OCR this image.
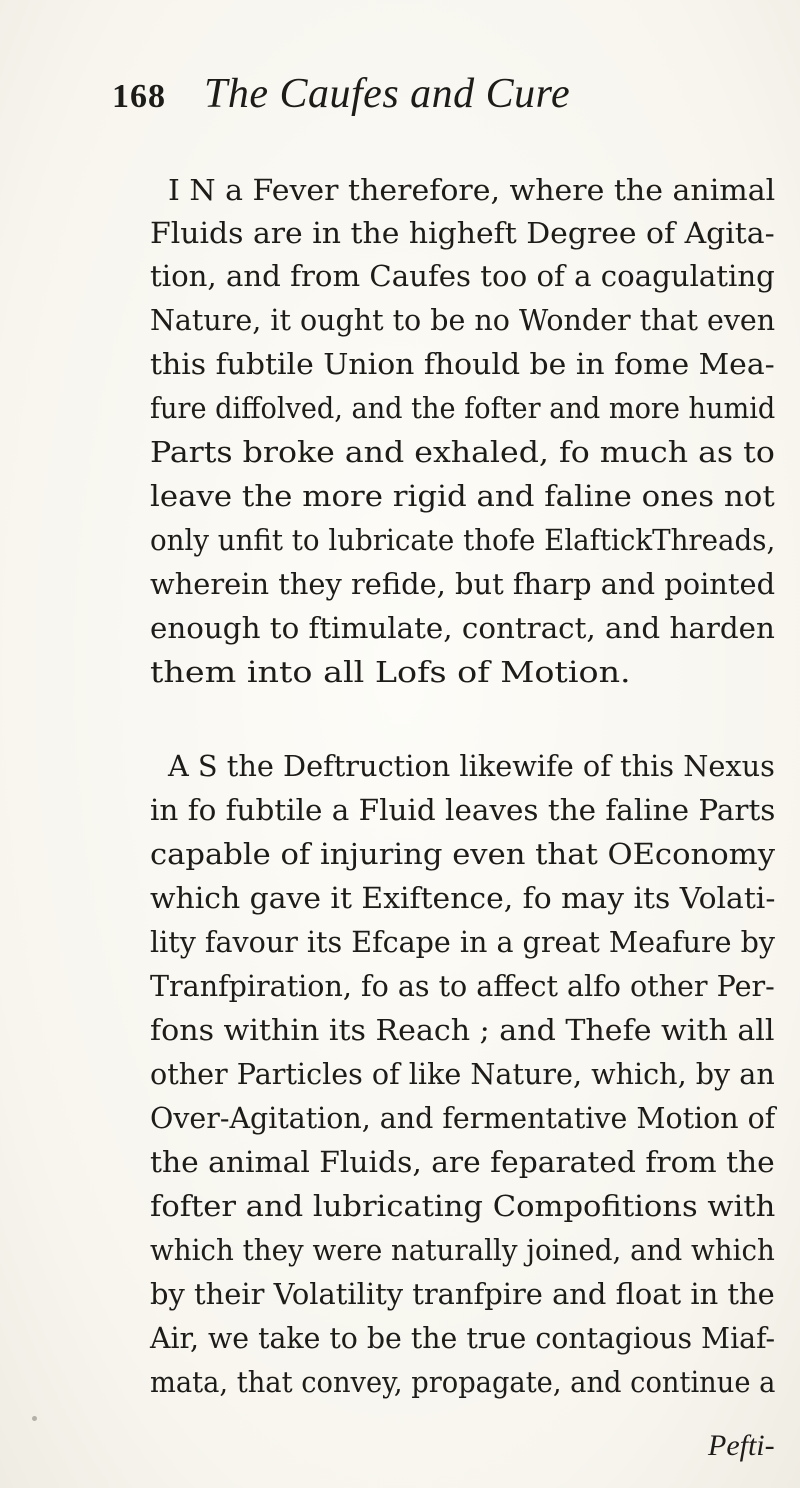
168 The Caufes and Cure
I N a Fever therefore, where the animal
Fluids are in the higheft Degree of Agita-
tion, and from Caufes too of a coagulating
Nature, it ought to be no Wonder that even
this fubtile Union fhould be in fome Mea-
fure diffolved, and the fofter and more humid
Parts broke and exhaled, fo much as to
leave the more rigid and faline ones not
only unfit to lubricate thofe ElaftickThreads,
wherein they refide, but fharp and pointed
enough to ftimulate, contract, and harden
them into all Lofs of Motion.
A S the Deftruction likewife of this Nexus
in fo fubtile a Fluid leaves the faline Parts
capable of injuring even that OEconomy
which gave it Exiftence, fo may its Volati-
lity favour its Efcape in a great Meafure by
Tranfpiration, fo as to affect alfo other Per-
fons within its Reach ; and Thefe with all
other Particles of like Nature, which, by an
Over-Agitation, and fermentative Motion of
the animal Fluids, are feparated from the
fofter and lubricating Compofitions with
which they were naturally joined, and which
by their Volatility tranfpire and float in the
Air, we take to be the true contagious Miaf-
mata, that convey, propagate, and continue a
Pefti-
